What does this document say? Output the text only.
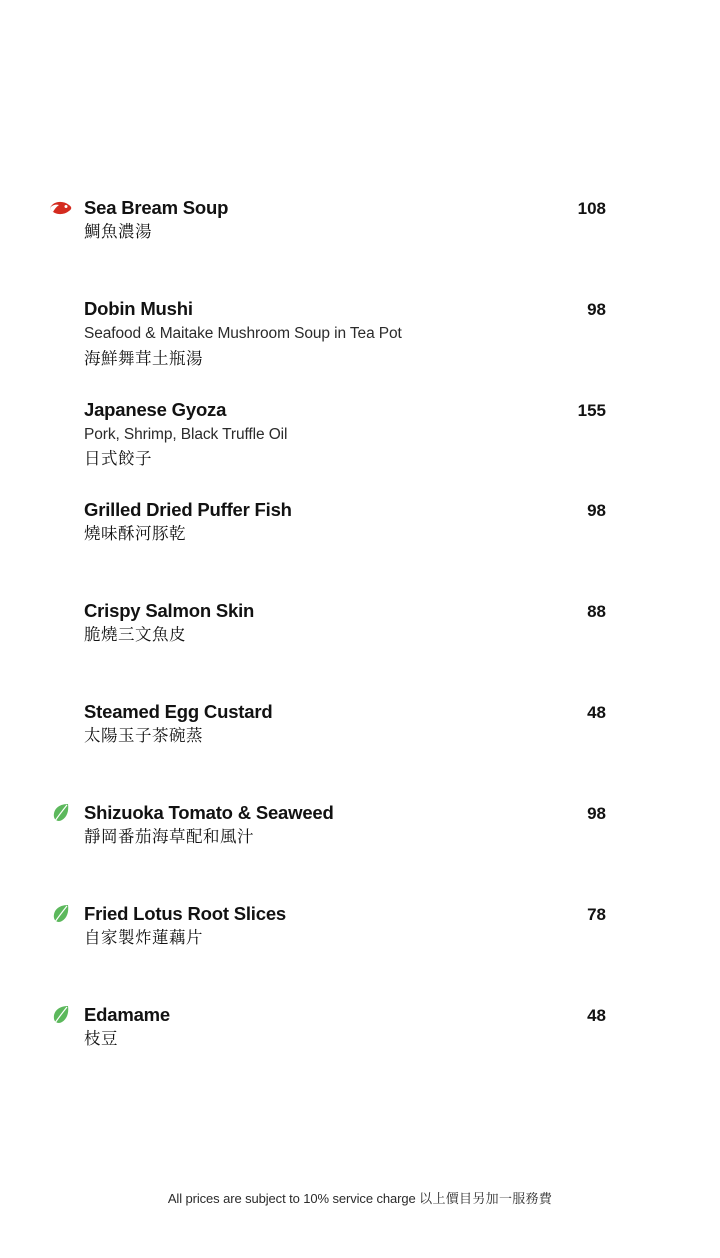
Sea Bream Soup	108
鯛魚濃湯
Dobin Mushi	98
Seafood & Maitake Mushroom Soup in Tea Pot
海鮮舞茸土瓶湯
Japanese Gyoza	155
Pork, Shrimp, Black Truffle Oil
日式餃子
Grilled Dried Puffer Fish	98
燒味酥河豚乾
Crispy Salmon Skin	88
脆燒三文魚皮
Steamed Egg Custard	48
太陽玉子茶碗蒸
Shizuoka Tomato & Seaweed	98
靜岡番茄海草配和風汁
Fried Lotus Root Slices	78
自家製炸蓮藕片
Edamame	48
枝豆
All prices are subject to 10% service charge 以上價目另加一服務費
